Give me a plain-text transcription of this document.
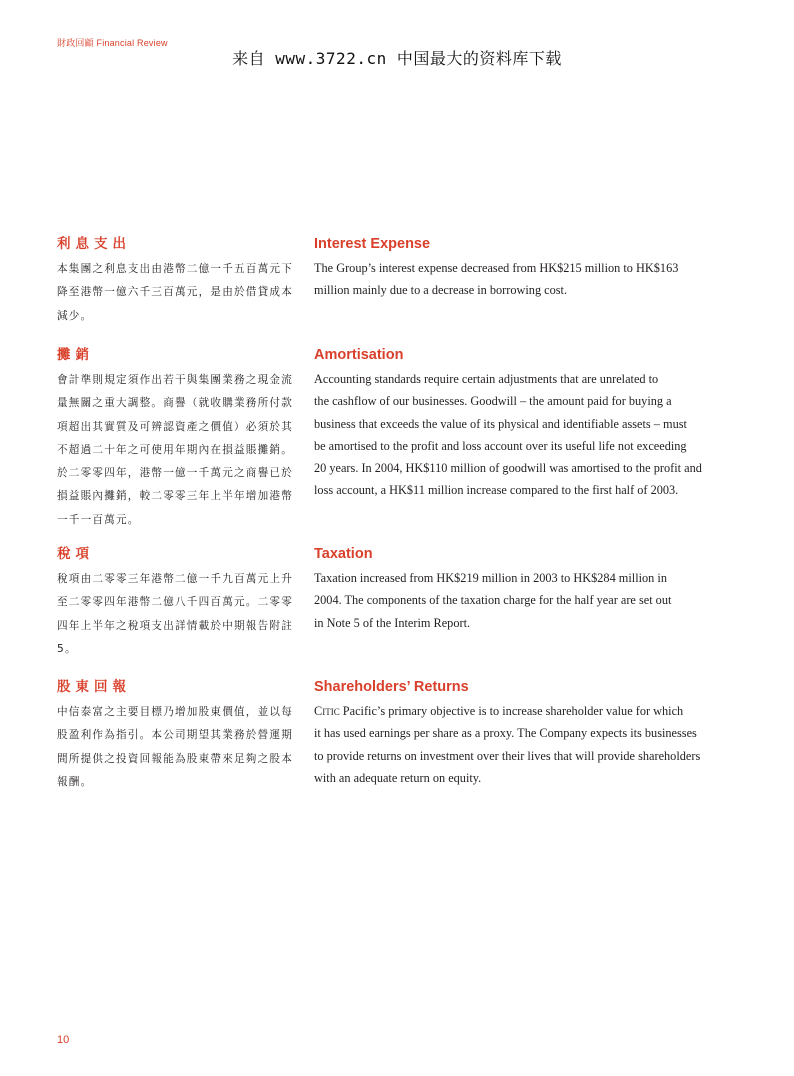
財政回顧 Financial Review
来自 www.3722.cn 中国最大的资料库下载
利息支出

本集團之利息支出由港幣二億一千五百萬元下降至港幣一億六千三百萬元，是由於借貸成本減少。

Interest Expense

The Group’s interest expense decreased from HK$215 million to HK$163
million mainly due to a decrease in borrowing cost.

攤銷

會計準則規定須作出若干與集團業務之現金流量無關之重大調整。商譽（就收購業務所付款項超出其實質及可辨認資產之價值）必須於其不超過二十年之可使用年期內在損益賬攤銷。於二零零四年，港幣一億一千萬元之商譽已於損益賬內攤銷，較二零零三年上半年增加港幣一千一百萬元。

Amortisation

Accounting standards require certain adjustments that are unrelated to
the cashflow of our businesses. Goodwill – the amount paid for buying a
business that exceeds the value of its physical and identifiable assets – must
be amortised to the profit and loss account over its useful life not exceeding
20 years. In 2004, HK$110 million of goodwill was amortised to the profit and
loss account, a HK$11 million increase compared to the first half of 2003.

稅項

稅項由二零零三年港幣二億一千九百萬元上升至二零零四年港幣二億八千四百萬元。二零零四年上半年之稅項支出詳情載於中期報告附註5。

Taxation

Taxation increased from HK$219 million in 2003 to HK$284 million in
2004. The components of the taxation charge for the half year are set out
in Note 5 of the Interim Report.

股東回報

中信泰富之主要目標乃增加股東價值，並以每股盈利作為指引。本公司期望其業務於營運期間所提供之投資回報能為股東帶來足夠之股本報酬。

Shareholders’ Returns

Citic Pacific’s primary objective is to increase shareholder value for which
it has used earnings per share as a proxy. The Company expects its businesses
to provide returns on investment over their lives that will provide shareholders
with an adequate return on equity.

10
